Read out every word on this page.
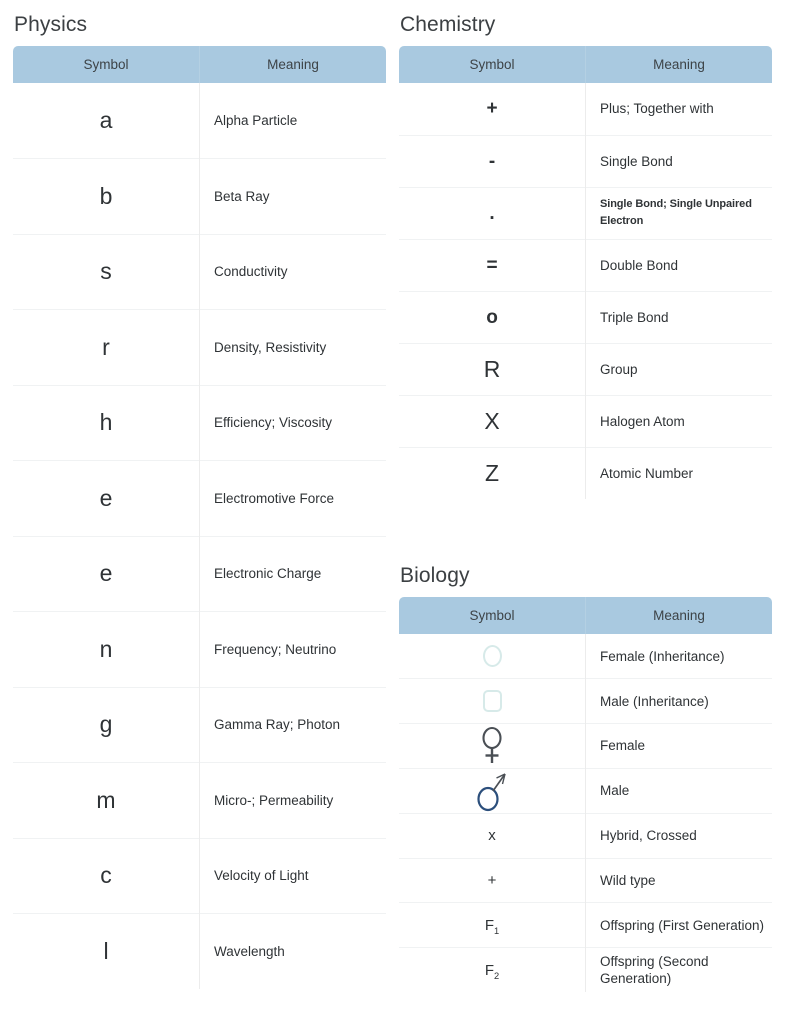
Physics
Symbol	Meaning
a	Alpha Particle
b	Beta Ray
s	Conductivity
r	Density, Resistivity
h	Efficiency; Viscosity
e	Electromotive Force
e	Electronic Charge
n	Frequency; Neutrino
g	Gamma Ray; Photon
m	Micro-; Permeability
c	Velocity of Light
l	Wavelength
Chemistry
Symbol	Meaning
+	Plus; Together with
-	Single Bond
.	Single Bond; Single Unpaired Electron
=	Double Bond
o	Triple Bond
R	Group
X	Halogen Atom
Z	Atomic Number
Biology
Symbol	Meaning

	Female (Inheritance)

	Male (Inheritance)

	Female

	Male
x	Hybrid, Crossed
+	Wild type
$F_1$	Offspring (First Generation)
$F_2$	Offspring (Second Generation)
